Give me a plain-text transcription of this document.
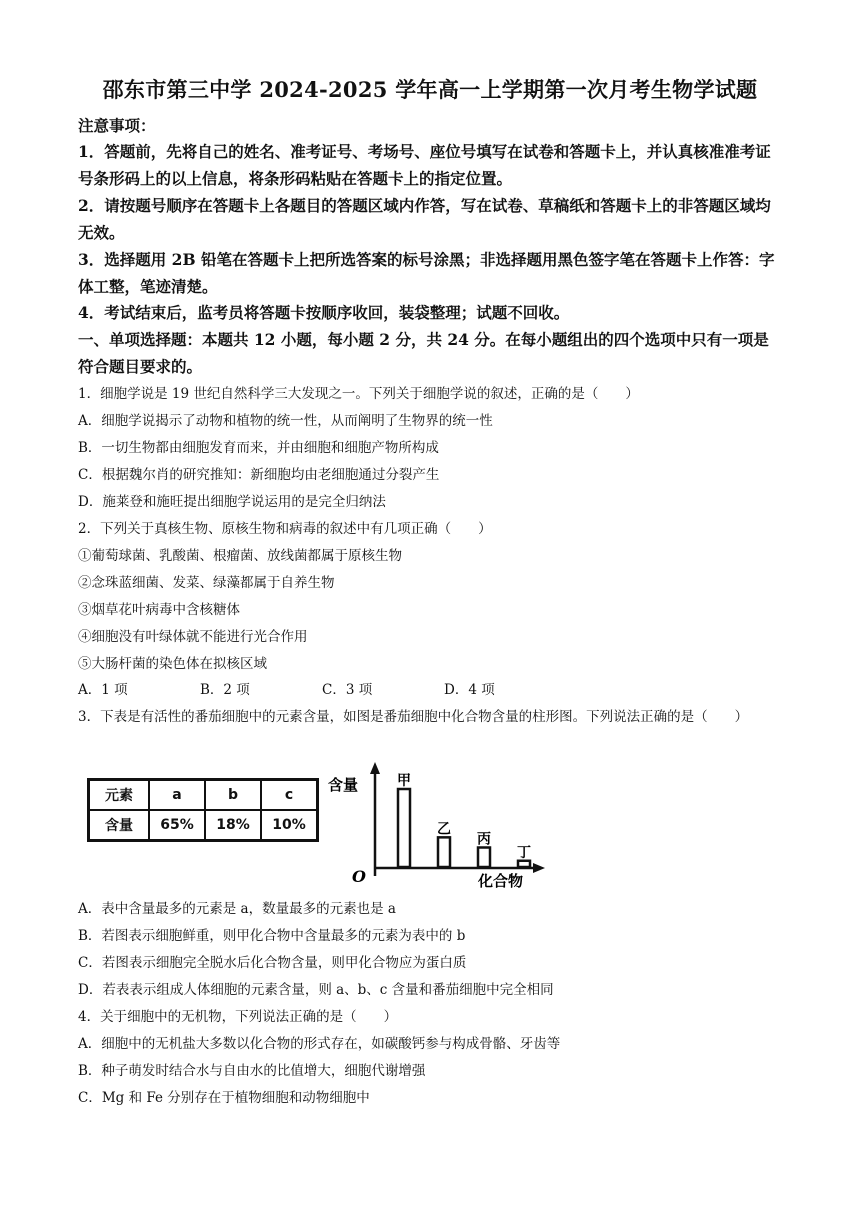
邵东市第三中学 2024-2025 学年高一上学期第一次月考生物学试题
注意事项：
1．答题前，先将自己的姓名、准考证号、考场号、座位号填写在试卷和答题卡上，并认真核准准考证号条形码上的以上信息，将条形码粘贴在答题卡上的指定位置。
2．请按题号顺序在答题卡上各题目的答题区域内作答，写在试卷、草稿纸和答题卡上的非答题区域均无效。
3．选择题用 2B 铅笔在答题卡上把所选答案的标号涂黑；非选择题用黑色签字笔在答题卡上作答：字体工整，笔迹清楚。
4．考试结束后，监考员将答题卡按顺序收回，装袋整理；试题不回收。
一、单项选择题：本题共 12 小题，每小题 2 分，共 24 分。在每小题组出的四个选项中只有一项是符合题目要求的。
1．细胞学说是 19 世纪自然科学三大发现之一。下列关于细胞学说的叙述，正确的是（　　）
A．细胞学说揭示了动物和植物的统一性，从而阐明了生物界的统一性
B．一切生物都由细胞发育而来，并由细胞和细胞产物所构成
C．根据魏尔肖的研究推知：新细胞均由老细胞通过分裂产生
D．施莱登和施旺提出细胞学说运用的是完全归纳法
2．下列关于真核生物、原核生物和病毒的叙述中有几项正确（　　）
①葡萄球菌、乳酸菌、根瘤菌、放线菌都属于原核生物
②念珠蓝细菌、发菜、绿藻都属于自养生物
③烟草花叶病毒中含核糖体
④细胞没有叶绿体就不能进行光合作用
⑤大肠杆菌的染色体在拟核区域
A．1 项	B．2 项	C．3 项	D．4 项
3．下表是有活性的番茄细胞中的元素含量，如图是番茄细胞中化合物含量的柱形图。下列说法正确的是（　　）
元素	a	b	c
含量	65%	18%	10%
含量
O	化合物
甲
乙
丙
丁
A．表中含量最多的元素是 a，数量最多的元素也是 a
B．若图表示细胞鲜重，则甲化合物中含量最多的元素为表中的 b
C．若图表示细胞完全脱水后化合物含量，则甲化合物应为蛋白质
D．若表表示组成人体细胞的元素含量，则 a、b、c 含量和番茄细胞中完全相同
4．关于细胞中的无机物，下列说法正确的是（　　）
A．细胞中的无机盐大多数以化合物的形式存在，如碳酸钙参与构成骨骼、牙齿等
B．种子萌发时结合水与自由水的比值增大，细胞代谢增强
C．Mg 和 Fe 分别存在于植物细胞和动物细胞中
